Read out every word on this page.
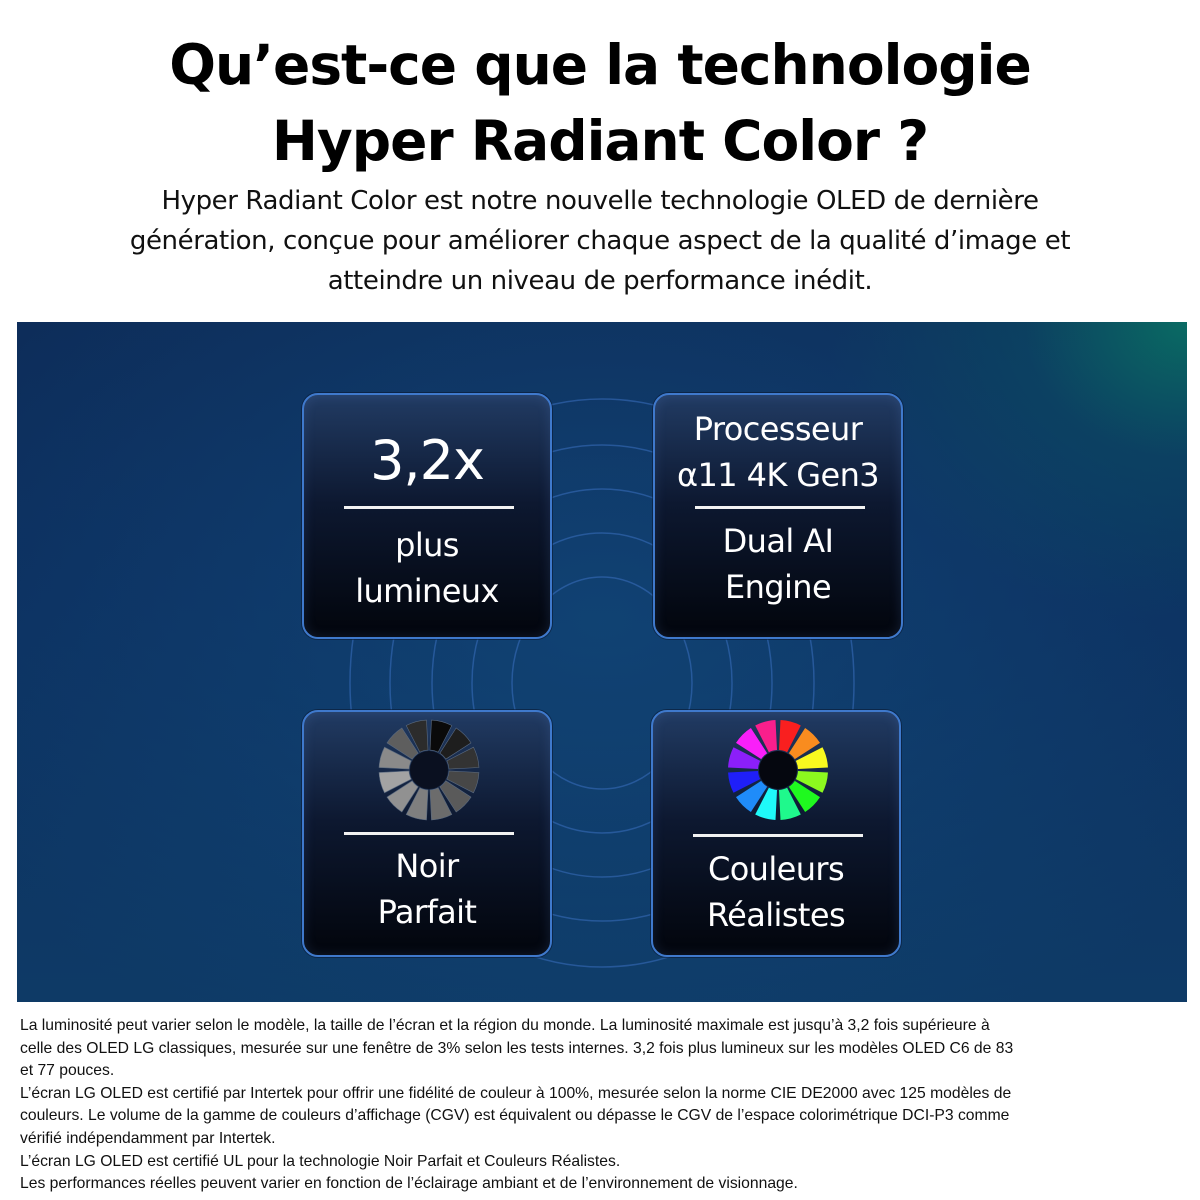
Qu’est-ce que la technologie
Hyper Radiant Color ?
Hyper Radiant Color est notre nouvelle technologie OLED de dernière
génération, conçue pour améliorer chaque aspect de la qualité d’image et
atteindre un niveau de performance inédit.
3,2x
plus
lumineux
Processeur
α11 4K Gen3
Dual AI
Engine
Noir
Parfait
Couleurs
Réalistes
La luminosité peut varier selon le modèle, la taille de l’écran et la région du monde. La luminosité maximale est jusqu’à 3,2 fois supérieure à
celle des OLED LG classiques, mesurée sur une fenêtre de 3% selon les tests internes. 3,2 fois plus lumineux sur les modèles OLED C6 de 83
et 77 pouces.
L’écran LG OLED est certifié par Intertek pour offrir une fidélité de couleur à 100%, mesurée selon la norme CIE DE2000 avec 125 modèles de
couleurs. Le volume de la gamme de couleurs d’affichage (CGV) est équivalent ou dépasse le CGV de l’espace colorimétrique DCI-P3 comme
vérifié indépendamment par Intertek.
L’écran LG OLED est certifié UL pour la technologie Noir Parfait et Couleurs Réalistes.
Les performances réelles peuvent varier en fonction de l’éclairage ambiant et de l’environnement de visionnage.
